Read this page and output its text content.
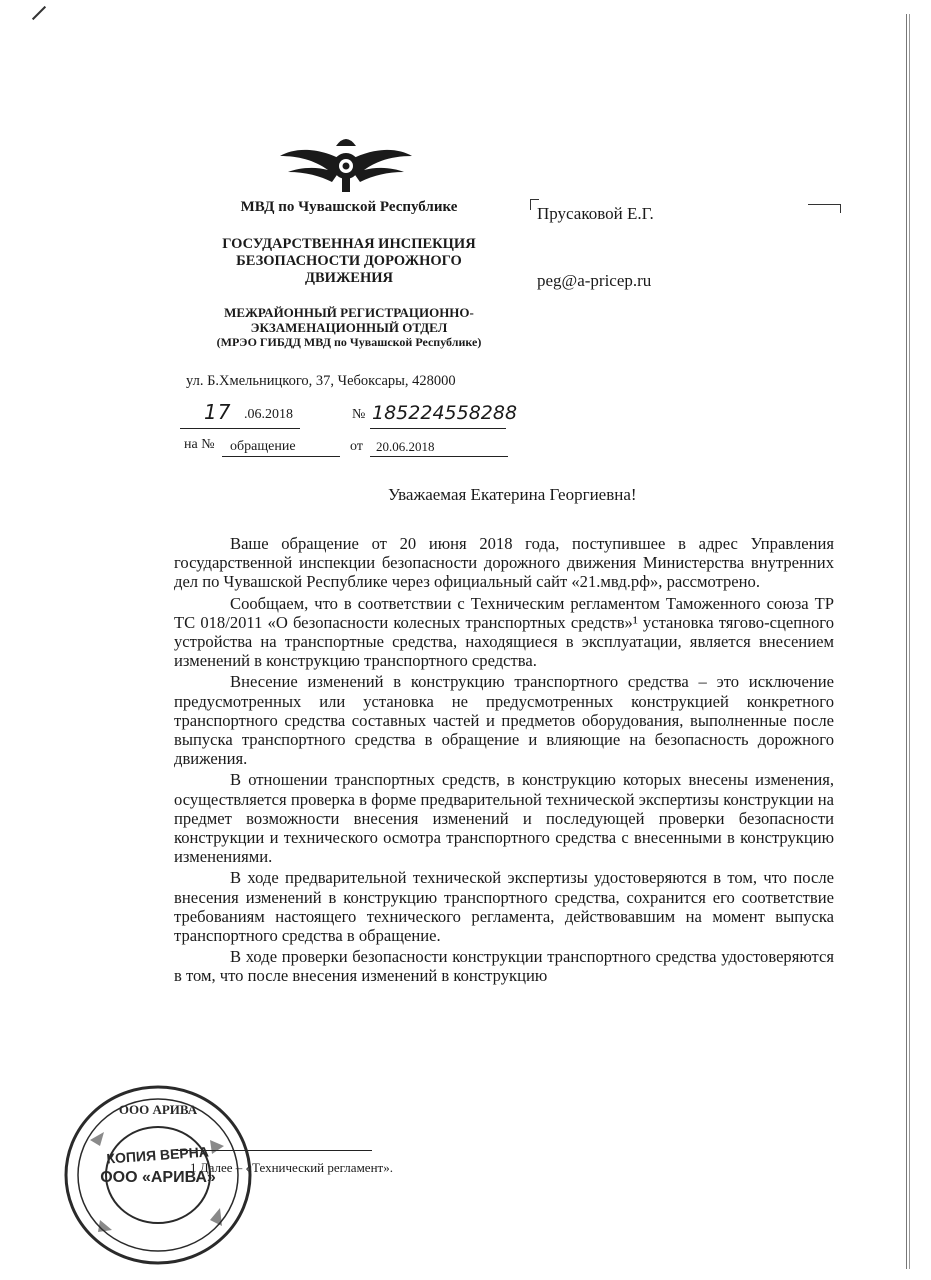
МВД по Чувашской Республике
ГОСУДАРСТВЕННАЯ ИНСПЕКЦИЯ
БЕЗОПАСНОСТИ ДОРОЖНОГО
ДВИЖЕНИЯ
МЕЖРАЙОННЫЙ РЕГИСТРАЦИОННО-
ЭКЗАМЕНАЦИОННЫЙ ОТДЕЛ
(МРЭО ГИБДД МВД по Чувашской Республике)
ул. Б.Хмельницкого, 37, Чебоксары, 428000
17 .06.2018	№ 185224558288
на № обращение	от 20.06.2018
Прусаковой Е.Г.
peg@a-pricep.ru
Уважаемая Екатерина Георгиевна!

Ваше обращение от 20 июня 2018 года, поступившее в адрес Управления государственной инспекции безопасности дорожного движения Министерства внутренних дел по Чувашской Республике через официальный сайт «21.мвд.рф», рассмотрено.

Сообщаем, что в соответствии с Техническим регламентом Таможенного союза ТР ТС 018/2011 «О безопасности колесных транспортных средств»¹ установка тягово-сцепного устройства на транспортные средства, находящиеся в эксплуатации, является внесением изменений в конструкцию транспортного средства.

Внесение изменений в конструкцию транспортного средства – это исключение предусмотренных или установка не предусмотренных конструкцией конкретного транспортного средства составных частей и предметов оборудования, выполненные после выпуска транспортного средства в обращение и влияющие на безопасность дорожного движения.

В отношении транспортных средств, в конструкцию которых внесены изменения, осуществляется проверка в форме предварительной технической экспертизы конструкции на предмет возможности внесения изменений и последующей проверки безопасности конструкции и технического осмотра транспортного средства с внесенными в конструкцию изменениями.

В ходе предварительной технической экспертизы удостоверяются в том, что после внесения изменений в конструкцию транспортного средства, сохранится его соответствие требованиям настоящего технического регламента, действовавшим на момент выпуска транспортного средства в обращение.

В ходе проверки безопасности конструкции транспортного средства удостоверяются в том, что после внесения изменений в конструкцию

1 Далее – «Технический регламент».
ООО АРИВА
ООО «АРИВА»
КОПИЯ ВЕРНА
